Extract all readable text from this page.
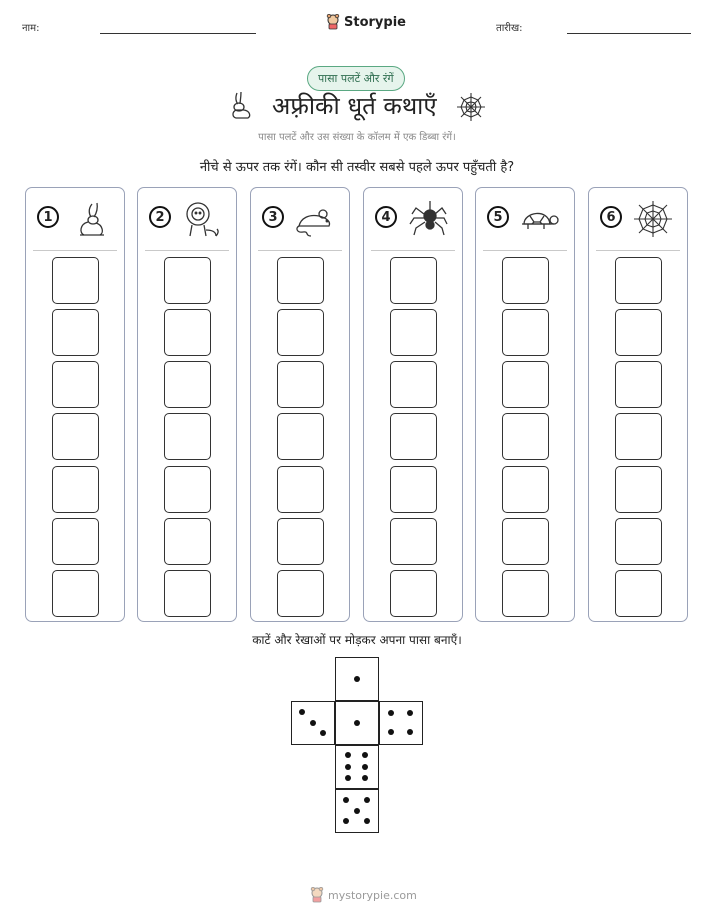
नाम:	Storypie	तारीख:
पासा पलटें और रंगें
अफ़्रीकी धूर्त कथाएँ
पासा पलटें और उस संख्या के कॉलम में एक डिब्बा रंगें।
नीचे से ऊपर तक रंगें। कौन सी तस्वीर सबसे पहले ऊपर पहुँचती है?
1	2	3	4	5	6
काटें और रेखाओं पर मोड़कर अपना पासा बनाएँ।
mystorypie.com
